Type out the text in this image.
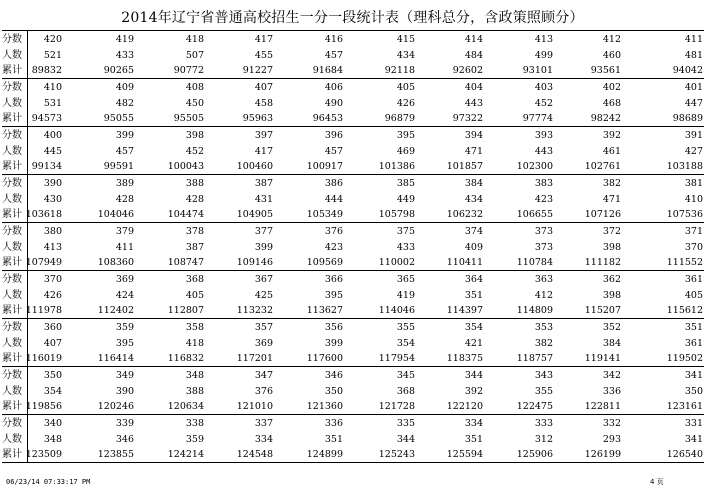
2014年辽宁省普通高校招生一分一段统计表（理科总分，含政策照顾分）
分数	420	419	418	417	416	415	414	413	412	411
人数	521	433	507	455	457	434	484	499	460	481
累计	89832	90265	90772	91227	91684	92118	92602	93101	93561	94042
分数	410	409	408	407	406	405	404	403	402	401
人数	531	482	450	458	490	426	443	452	468	447
累计	94573	95055	95505	95963	96453	96879	97322	97774	98242	98689
分数	400	399	398	397	396	395	394	393	392	391
人数	445	457	452	417	457	469	471	443	461	427
累计	99134	99591	100043	100460	100917	101386	101857	102300	102761	103188
分数	390	389	388	387	386	385	384	383	382	381
人数	430	428	428	431	444	449	434	423	471	410
累计 103618	104046	104474	104905	105349	105798	106232	106655	107126	107536
分数	380	379	378	377	376	375	374	373	372	371
人数	413	411	387	399	423	433	409	373	398	370
累计 107949	108360	108747	109146	109569	110002	110411	110784	111182	111552
分数	370	369	368	367	366	365	364	363	362	361
人数	426	424	405	425	395	419	351	412	398	405
累计 111978	112402	112807	113232	113627	114046	114397	114809	115207	115612
分数	360	359	358	357	356	355	354	353	352	351
人数	407	395	418	369	399	354	421	382	384	361
累计 116019	116414	116832	117201	117600	117954	118375	118757	119141	119502
分数	350	349	348	347	346	345	344	343	342	341
人数	354	390	388	376	350	368	392	355	336	350
累计 119856	120246	120634	121010	121360	121728	122120	122475	122811	123161
分数	340	339	338	337	336	335	334	333	332	331
人数	348	346	359	334	351	344	351	312	293	341
累计 123509	123855	124214	124548	124899	125243	125594	125906	126199	126540
06/23/14 07:33:17 PM	4 页
